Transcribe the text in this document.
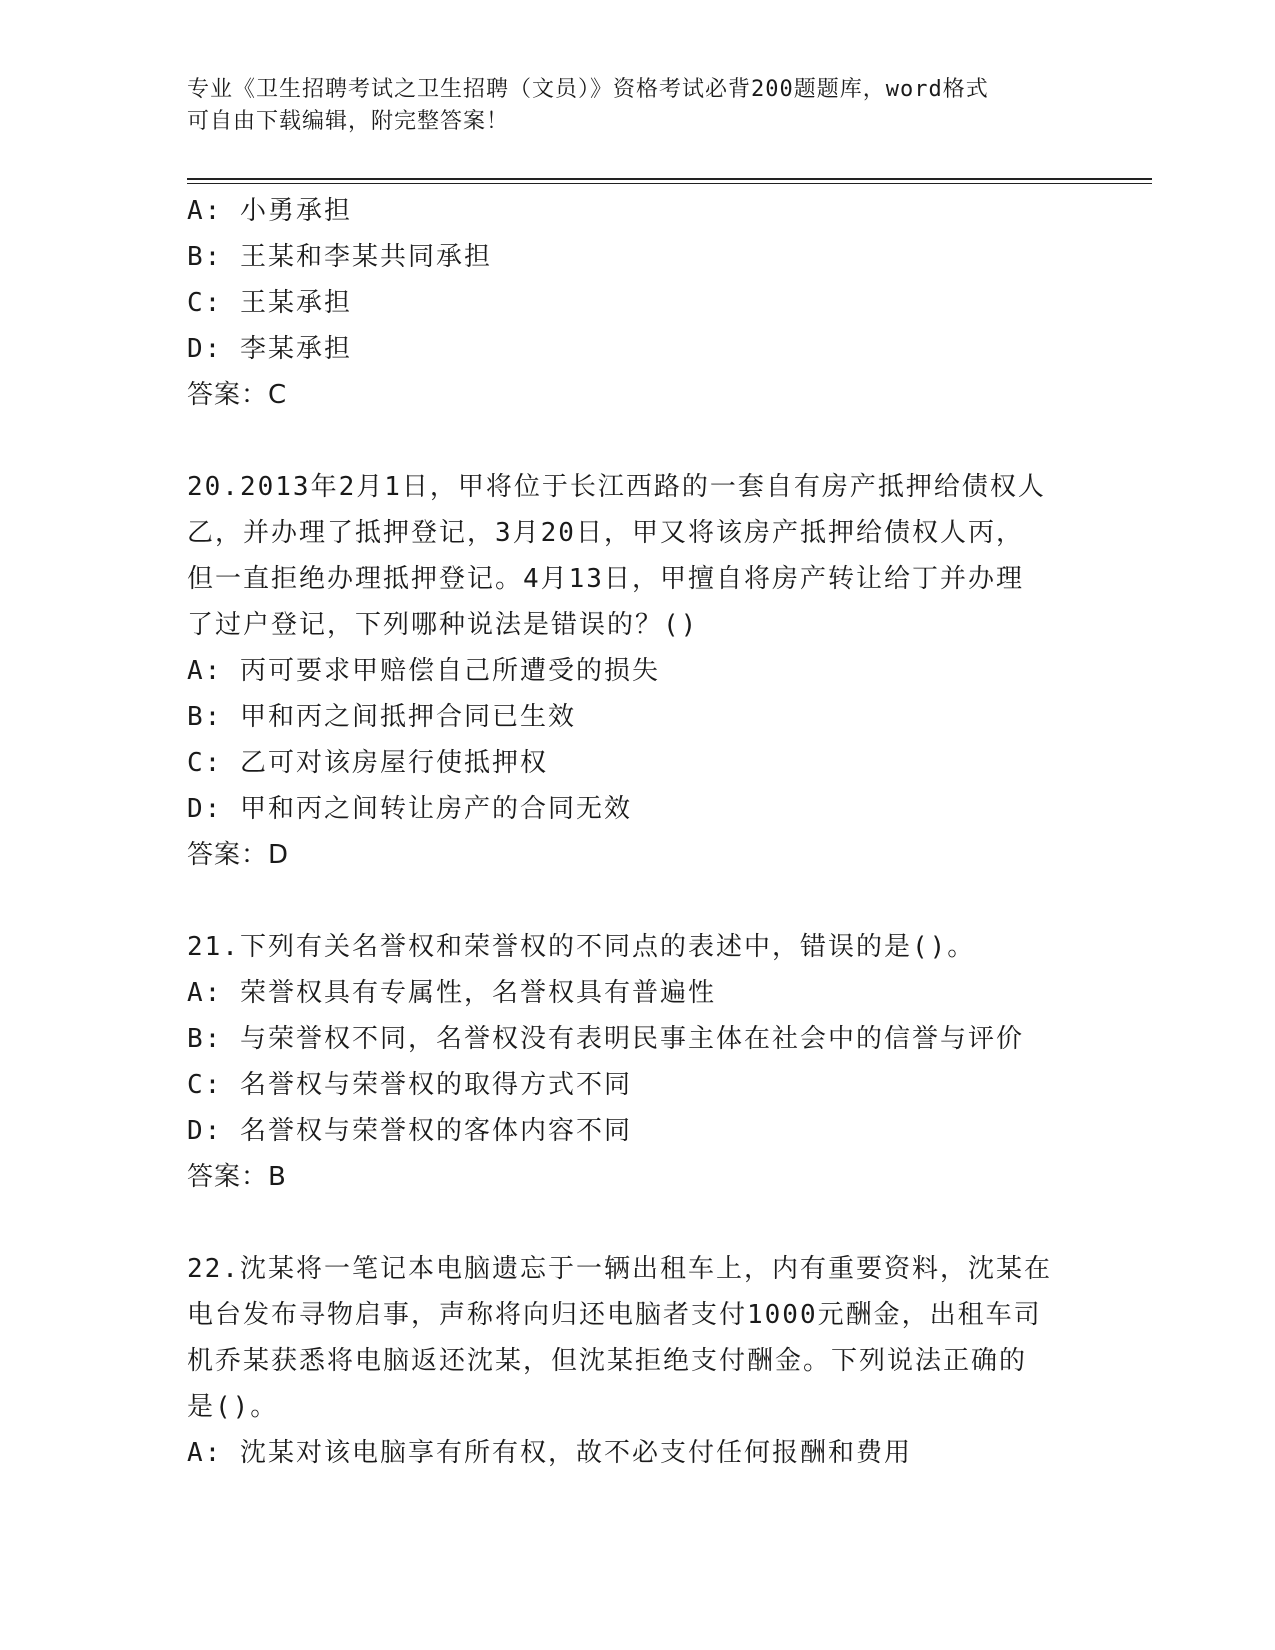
专业《卫生招聘考试之卫生招聘（文员）》资格考试必背200题题库，word格式
可自由下载编辑，附完整答案！
A: 小勇承担
B: 王某和李某共同承担
C: 王某承担
D: 李某承担
答案：C
20.2013年2月1日，甲将位于长江西路的一套自有房产抵押给债权人
乙，并办理了抵押登记，3月20日，甲又将该房产抵押给债权人丙，
但一直拒绝办理抵押登记。4月13日，甲擅自将房产转让给丁并办理
了过户登记，下列哪种说法是错误的？()
A: 丙可要求甲赔偿自己所遭受的损失
B: 甲和丙之间抵押合同已生效
C: 乙可对该房屋行使抵押权
D: 甲和丙之间转让房产的合同无效
答案：D
21.下列有关名誉权和荣誉权的不同点的表述中，错误的是()。
A: 荣誉权具有专属性，名誉权具有普遍性
B: 与荣誉权不同，名誉权没有表明民事主体在社会中的信誉与评价
C: 名誉权与荣誉权的取得方式不同
D: 名誉权与荣誉权的客体内容不同
答案：B
22.沈某将一笔记本电脑遗忘于一辆出租车上，内有重要资料，沈某在
电台发布寻物启事，声称将向归还电脑者支付1000元酬金，出租车司
机乔某获悉将电脑返还沈某，但沈某拒绝支付酬金。下列说法正确的
是()。
A: 沈某对该电脑享有所有权，故不必支付任何报酬和费用
